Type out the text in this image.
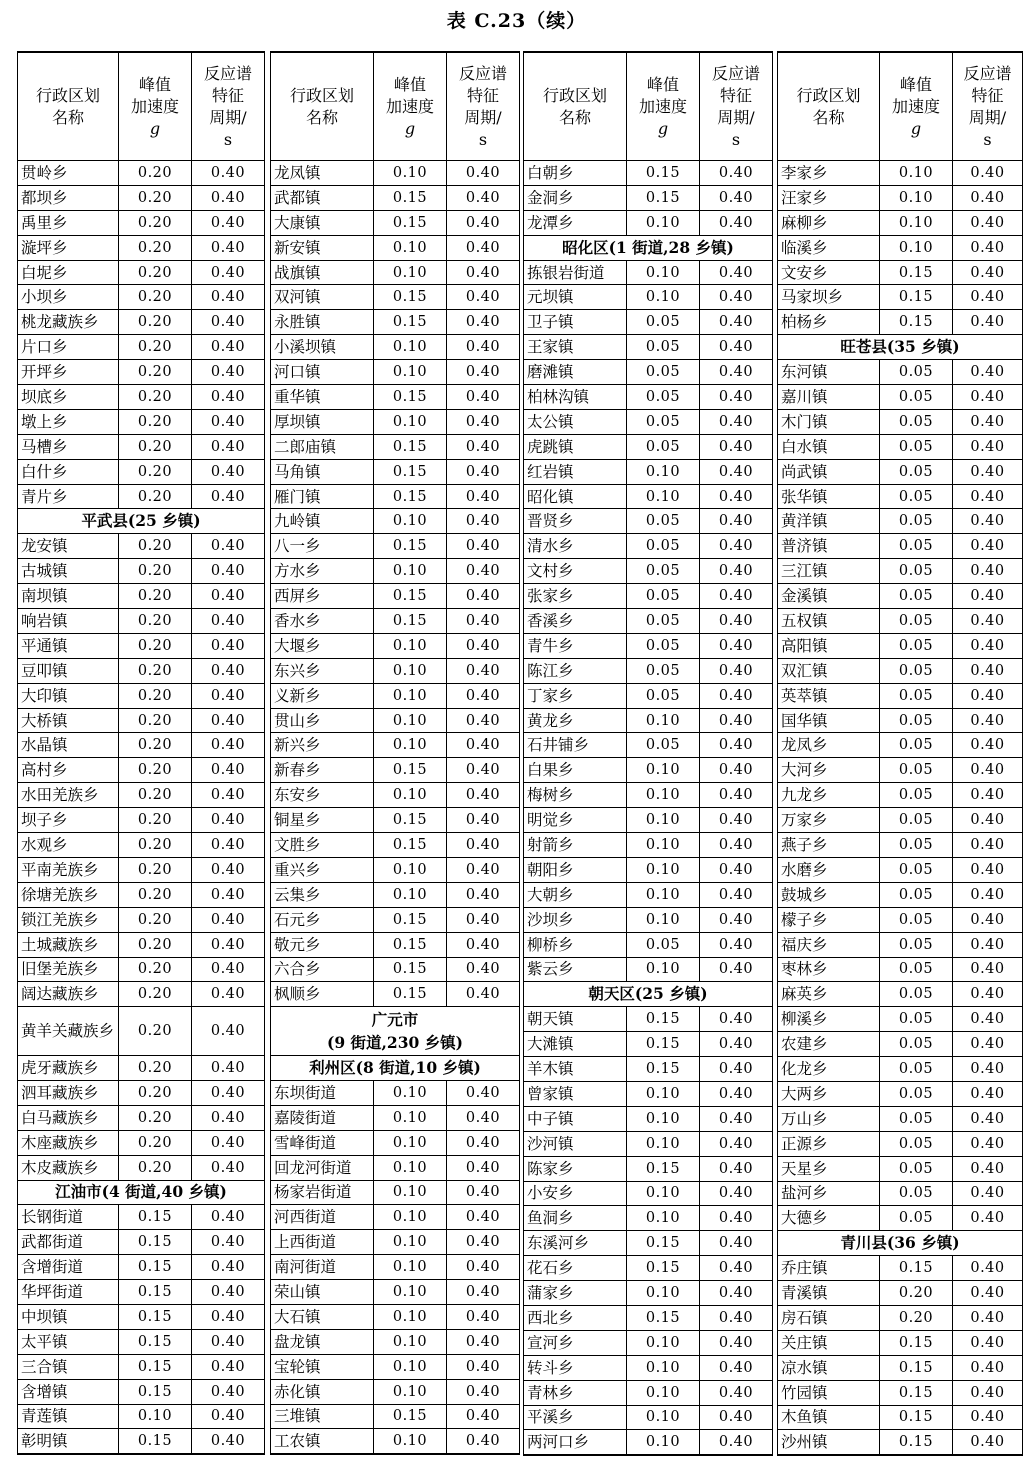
表 C.23（续）
行政区划
名称	峰值
加速度
g	反应谱
特征
周期/
s
贯岭乡	0.20	0.40
都坝乡	0.20	0.40
禹里乡	0.20	0.40
漩坪乡	0.20	0.40
白坭乡	0.20	0.40
小坝乡	0.20	0.40
桃龙藏族乡	0.20	0.40
片口乡	0.20	0.40
开坪乡	0.20	0.40
坝底乡	0.20	0.40
墩上乡	0.20	0.40
马槽乡	0.20	0.40
白什乡	0.20	0.40
青片乡	0.20	0.40
平武县(25 乡镇)		
龙安镇	0.20	0.40
古城镇	0.20	0.40
南坝镇	0.20	0.40
响岩镇	0.20	0.40
平通镇	0.20	0.40
豆叩镇	0.20	0.40
大印镇	0.20	0.40
大桥镇	0.20	0.40
水晶镇	0.20	0.40
高村乡	0.20	0.40
水田羌族乡	0.20	0.40
坝子乡	0.20	0.40
水观乡	0.20	0.40
平南羌族乡	0.20	0.40
徐塘羌族乡	0.20	0.40
锁江羌族乡	0.20	0.40
土城藏族乡	0.20	0.40
旧堡羌族乡	0.20	0.40
阔达藏族乡	0.20	0.40
黄羊关藏族乡	0.20	0.40
虎牙藏族乡	0.20	0.40
泗耳藏族乡	0.20	0.40
白马藏族乡	0.20	0.40
木座藏族乡	0.20	0.40
木皮藏族乡	0.20	0.40
江油市(4 街道,40 乡镇)		
长钢街道	0.15	0.40
武都街道	0.15	0.40
含增街道	0.15	0.40
华坪街道	0.15	0.40
中坝镇	0.15	0.40
太平镇	0.15	0.40
三合镇	0.15	0.40
含增镇	0.15	0.40
青莲镇	0.10	0.40
彰明镇	0.15	0.40
行政区划
名称	峰值
加速度
g	反应谱
特征
周期/
s
龙凤镇	0.10	0.40
武都镇	0.15	0.40
大康镇	0.15	0.40
新安镇	0.10	0.40
战旗镇	0.10	0.40
双河镇	0.15	0.40
永胜镇	0.15	0.40
小溪坝镇	0.10	0.40
河口镇	0.10	0.40
重华镇	0.15	0.40
厚坝镇	0.10	0.40
二郎庙镇	0.15	0.40
马角镇	0.15	0.40
雁门镇	0.15	0.40
九岭镇	0.10	0.40
八一乡	0.15	0.40
方水乡	0.10	0.40
西屏乡	0.15	0.40
香水乡	0.15	0.40
大堰乡	0.10	0.40
东兴乡	0.10	0.40
义新乡	0.10	0.40
贯山乡	0.10	0.40
新兴乡	0.10	0.40
新春乡	0.15	0.40
东安乡	0.10	0.40
铜星乡	0.15	0.40
文胜乡	0.15	0.40
重兴乡	0.10	0.40
云集乡	0.10	0.40
石元乡	0.15	0.40
敬元乡	0.15	0.40
六合乡	0.15	0.40
枫顺乡	0.15	0.40
广元市
(9 街道,230 乡镇)		
利州区(8 街道,10 乡镇)		
东坝街道	0.10	0.40
嘉陵街道	0.10	0.40
雪峰街道	0.10	0.40
回龙河街道	0.10	0.40
杨家岩街道	0.10	0.40
河西街道	0.10	0.40
上西街道	0.10	0.40
南河街道	0.10	0.40
荣山镇	0.10	0.40
大石镇	0.10	0.40
盘龙镇	0.10	0.40
宝轮镇	0.10	0.40
赤化镇	0.10	0.40
三堆镇	0.15	0.40
工农镇	0.10	0.40
行政区划
名称	峰值
加速度
g	反应谱
特征
周期/
s
白朝乡	0.15	0.40
金洞乡	0.15	0.40
龙潭乡	0.10	0.40
昭化区(1 街道,28 乡镇)		
拣银岩街道	0.10	0.40
元坝镇	0.10	0.40
卫子镇	0.05	0.40
王家镇	0.05	0.40
磨滩镇	0.05	0.40
柏林沟镇	0.05	0.40
太公镇	0.05	0.40
虎跳镇	0.05	0.40
红岩镇	0.10	0.40
昭化镇	0.10	0.40
晋贤乡	0.05	0.40
清水乡	0.05	0.40
文村乡	0.05	0.40
张家乡	0.05	0.40
香溪乡	0.05	0.40
青牛乡	0.05	0.40
陈江乡	0.05	0.40
丁家乡	0.05	0.40
黄龙乡	0.10	0.40
石井铺乡	0.05	0.40
白果乡	0.10	0.40
梅树乡	0.10	0.40
明觉乡	0.10	0.40
射箭乡	0.10	0.40
朝阳乡	0.10	0.40
大朝乡	0.10	0.40
沙坝乡	0.10	0.40
柳桥乡	0.05	0.40
紫云乡	0.10	0.40
朝天区(25 乡镇)		
朝天镇	0.15	0.40
大滩镇	0.15	0.40
羊木镇	0.15	0.40
曾家镇	0.10	0.40
中子镇	0.10	0.40
沙河镇	0.10	0.40
陈家乡	0.15	0.40
小安乡	0.10	0.40
鱼洞乡	0.10	0.40
东溪河乡	0.15	0.40
花石乡	0.15	0.40
蒲家乡	0.10	0.40
西北乡	0.15	0.40
宣河乡	0.10	0.40
转斗乡	0.10	0.40
青林乡	0.10	0.40
平溪乡	0.10	0.40
两河口乡	0.10	0.40
行政区划
名称	峰值
加速度
g	反应谱
特征
周期/
s
李家乡	0.10	0.40
汪家乡	0.10	0.40
麻柳乡	0.10	0.40
临溪乡	0.10	0.40
文安乡	0.15	0.40
马家坝乡	0.15	0.40
柏杨乡	0.15	0.40
旺苍县(35 乡镇)		
东河镇	0.05	0.40
嘉川镇	0.05	0.40
木门镇	0.05	0.40
白水镇	0.05	0.40
尚武镇	0.05	0.40
张华镇	0.05	0.40
黄洋镇	0.05	0.40
普济镇	0.05	0.40
三江镇	0.05	0.40
金溪镇	0.05	0.40
五权镇	0.05	0.40
高阳镇	0.05	0.40
双汇镇	0.05	0.40
英萃镇	0.05	0.40
国华镇	0.05	0.40
龙凤乡	0.05	0.40
大河乡	0.05	0.40
九龙乡	0.05	0.40
万家乡	0.05	0.40
燕子乡	0.05	0.40
水磨乡	0.05	0.40
鼓城乡	0.05	0.40
檬子乡	0.05	0.40
福庆乡	0.05	0.40
枣林乡	0.05	0.40
麻英乡	0.05	0.40
柳溪乡	0.05	0.40
农建乡	0.05	0.40
化龙乡	0.05	0.40
大两乡	0.05	0.40
万山乡	0.05	0.40
正源乡	0.05	0.40
天星乡	0.05	0.40
盐河乡	0.05	0.40
大德乡	0.05	0.40
青川县(36 乡镇)		
乔庄镇	0.15	0.40
青溪镇	0.20	0.40
房石镇	0.20	0.40
关庄镇	0.15	0.40
凉水镇	0.15	0.40
竹园镇	0.15	0.40
木鱼镇	0.15	0.40
沙州镇	0.15	0.40
